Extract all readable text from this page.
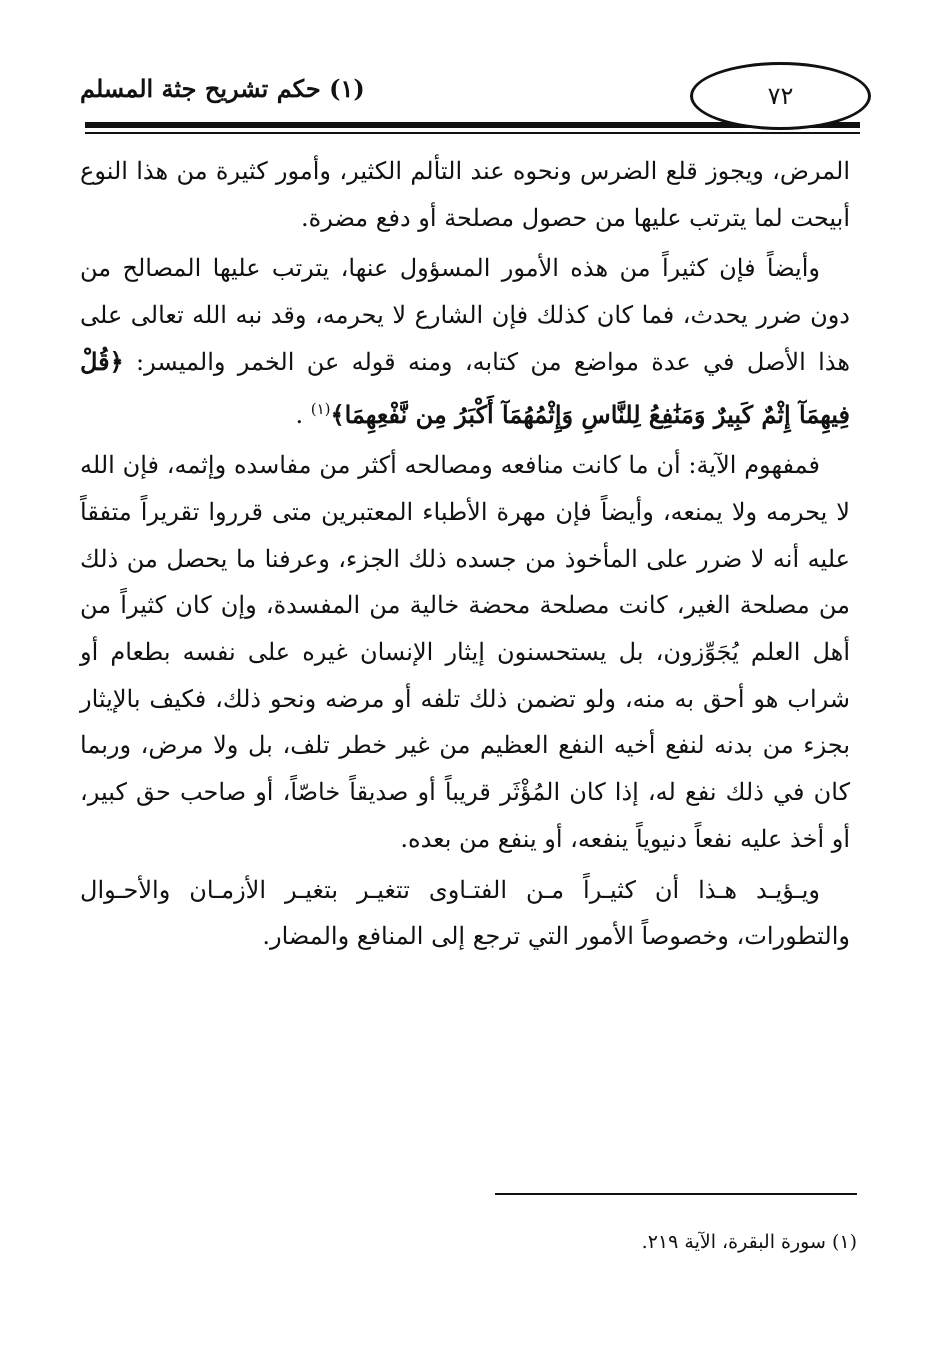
٧٢
(١) حكم تشريح جثة المسلم

المرض، ويجوز قلع الضرس ونحوه عند التألم الكثير، وأمور كثيرة من هذا النوع أبيحت لما يترتب عليها من حصول مصلحة أو دفع مضرة.

وأيضاً فإن كثيراً من هذه الأمور المسؤول عنها، يترتب عليها المصالح من دون ضرر يحدث، فما كان كذلك فإن الشارع لا يحرمه، وقد نبه الله تعالى على هذا الأصل في عدة مواضع من كتابه، ومنه قوله عن الخمر والميسر: ﴿قُلْ فِيهِمَآ إِثْمٌ كَبِيرٌ وَمَنَٰفِعُ لِلنَّاسِ وَإِثْمُهُمَآ أَكْبَرُ مِن نَّفْعِهِمَا﴾$^{(١)}$ .

فمفهوم الآية: أن ما كانت منافعه ومصالحه أكثر من مفاسده وإثمه، فإن الله لا يحرمه ولا يمنعه، وأيضاً فإن مهرة الأطباء المعتبرين متى قرروا تقريراً متفقاً عليه أنه لا ضرر على المأخوذ من جسده ذلك الجزء، وعرفنا ما يحصل من ذلك من مصلحة الغير، كانت مصلحة محضة خالية من المفسدة، وإن كان كثيراً من أهل العلم يُجَوِّزون، بل يستحسنون إيثار الإنسان غيره على نفسه بطعام أو شراب هو أحق به منه، ولو تضمن ذلك تلفه أو مرضه ونحو ذلك، فكيف بالإيثار بجزء من بدنه لنفع أخيه النفع العظيم من غير خطر تلف، بل ولا مرض، وربما كان في ذلك نفع له، إذا كان المُؤْثَر قريباً أو صديقاً خاصّاً، أو صاحب حق كبير، أو أخذ عليه نفعاً دنيوياً ينفعه، أو ينفع من بعده.

ويـؤيـد هـذا أن كثيـراً مـن الفتـاوى تتغيـر بتغيـر الأزمـان والأحـوال والتطورات، وخصوصاً الأمور التي ترجع إلى المنافع والمضار.

(١) سورة البقرة، الآية ٢١٩.
